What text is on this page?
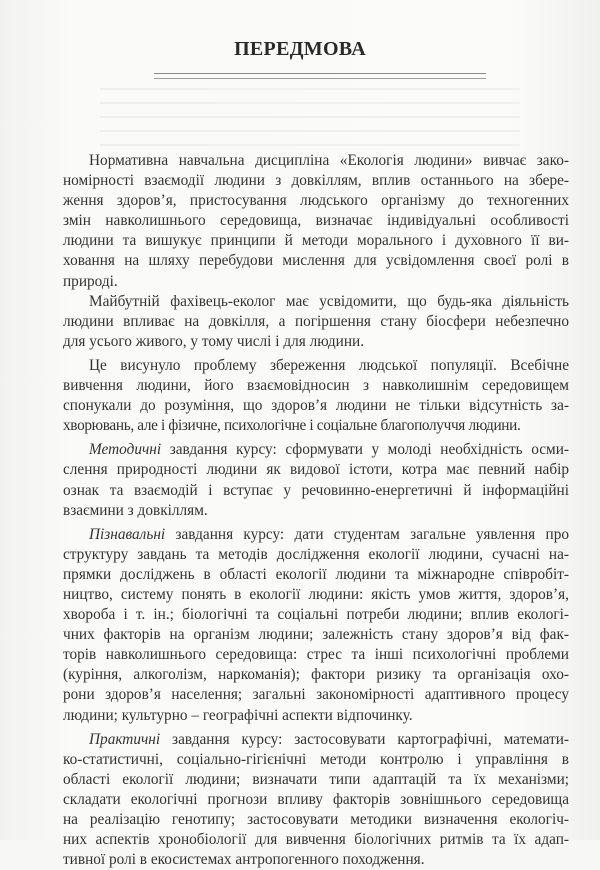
ПЕРЕДМОВА

Нормативна навчальна дисципліна «Екологія людини» вивчає зако-
номірності взаємодії людини з довкіллям, вплив останнього на збере-
ження здоров’я, пристосування людського організму до техногенних
змін навколишнього середовища, визначає індивідуальні особливості
людини та вишукує принципи й методи морального і духовного її ви-
ховання на шляху перебудови мислення для усвідомлення своєї ролі в
природі.

Майбутній фахівець-еколог має усвідомити, що будь-яка діяльність
людини впливає на довкілля, а погіршення стану біосфери небезпечно
для усього живого, у тому числі і для людини.

Це висунуло проблему збереження людської популяції. Всебічне
вивчення людини, його взаємовідносин з навколишнім середовищем
спонукали до розуміння, що здоров’я людини не тільки відсутність за-
хворювань, але і фізичне, психологічне і соціальне благополуччя людини.

Методичні завдання курсу: сформувати у молоді необхідність осми-
слення природності людини як видової істоти, котра має певний набір
ознак та взаємодій і вступає у речовинно-енергетичні й інформаційні
взаємини з довкіллям.

Пізнавальні завдання курсу: дати студентам загальне уявлення про
структуру завдань та методів дослідження екології людини, сучасні на-
прямки досліджень в області екології людини та міжнародне співробіт-
ництво, систему понять в екології людини: якість умов життя, здоров’я,
хвороба і т. ін.; біологічні та соціальні потреби людини; вплив екологі-
чних факторів на організм людини; залежність стану здоров’я від фак-
торів навколишнього середовища: стрес та інші психологічні проблеми
(куріння, алкоголізм, наркоманія); фактори ризику та організація охо-
рони здоров’я населення; загальні закономірності адаптивного процесу
людини; культурно – географічні аспекти відпочинку.

Практичні завдання курсу: застосовувати картографічні, математи-
ко-статистичні, соціально-гігієнічні методи контролю і управління в
області екології людини; визначати типи адаптацій та їх механізми;
складати екологічні прогнози впливу факторів зовнішнього середовища
на реалізацію генотипу; застосовувати методики визначення екологіч-
них аспектів хронобіології для вивчення біологічних ритмів та їх адап-
тивної ролі в екосистемах антропогенного походження.
